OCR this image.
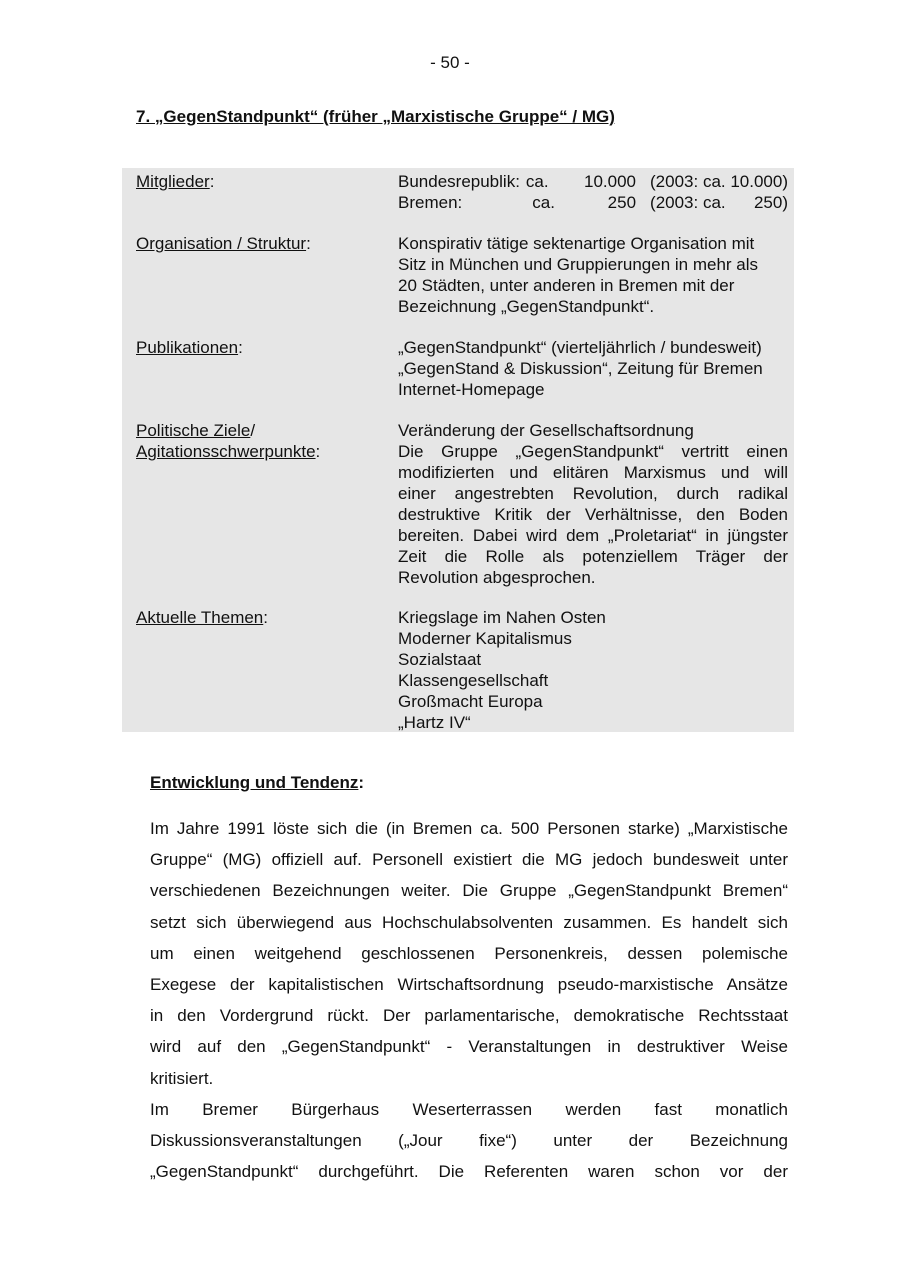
- 50 -
7. „GegenStandpunkt“ (früher „Marxistische Gruppe“ / MG)
Mitglieder:	Bundesrepublik: ca. 10.000 (2003: ca. 10.000)
Bremen:	ca.	250 (2003: ca.      250)
Organisation / Struktur:	Konspirativ tätige sektenartige Organisation mit
Sitz in München und Gruppierungen in mehr als
20 Städten, unter anderen in Bremen mit der
Bezeichnung „GegenStandpunkt“.
Publikationen:	„GegenStandpunkt“ (vierteljährlich / bundesweit)
„GegenStand & Diskussion“, Zeitung für Bremen
Internet-Homepage
Politische Ziele/
Agitationsschwerpunkte:
Veränderung der Gesellschaftsordnung
Die Gruppe „GegenStandpunkt“ vertritt einen
modifizierten und elitären Marxismus und will
einer angestrebten Revolution, durch radikal
destruktive Kritik der Verhältnisse, den Boden
bereiten. Dabei wird dem „Proletariat“ in jüngster
Zeit die Rolle als potenziellem Träger der
Revolution abgesprochen.
Aktuelle Themen:	Kriegslage im Nahen Osten
Moderner Kapitalismus
Sozialstaat
Klassengesellschaft
Großmacht Europa
„Hartz IV“
Entwicklung und Tendenz:
Im Jahre 1991 löste sich die (in Bremen ca. 500 Personen starke) „Marxistische
Gruppe“ (MG) offiziell auf. Personell existiert die MG jedoch bundesweit unter
verschiedenen Bezeichnungen weiter. Die Gruppe „GegenStandpunkt Bremen“
setzt sich überwiegend aus Hochschulabsolventen zusammen. Es handelt sich
um einen weitgehend geschlossenen Personenkreis, dessen polemische
Exegese der kapitalistischen Wirtschaftsordnung pseudo-marxistische Ansätze
in den Vordergrund rückt. Der parlamentarische, demokratische Rechtsstaat
wird auf den „GegenStandpunkt“ - Veranstaltungen in destruktiver Weise
kritisiert.
Im Bremer Bürgerhaus Weserterrassen werden fast monatlich
Diskussionsveranstaltungen („Jour fixe“) unter der Bezeichnung
„GegenStandpunkt“ durchgeführt. Die Referenten waren schon vor der
